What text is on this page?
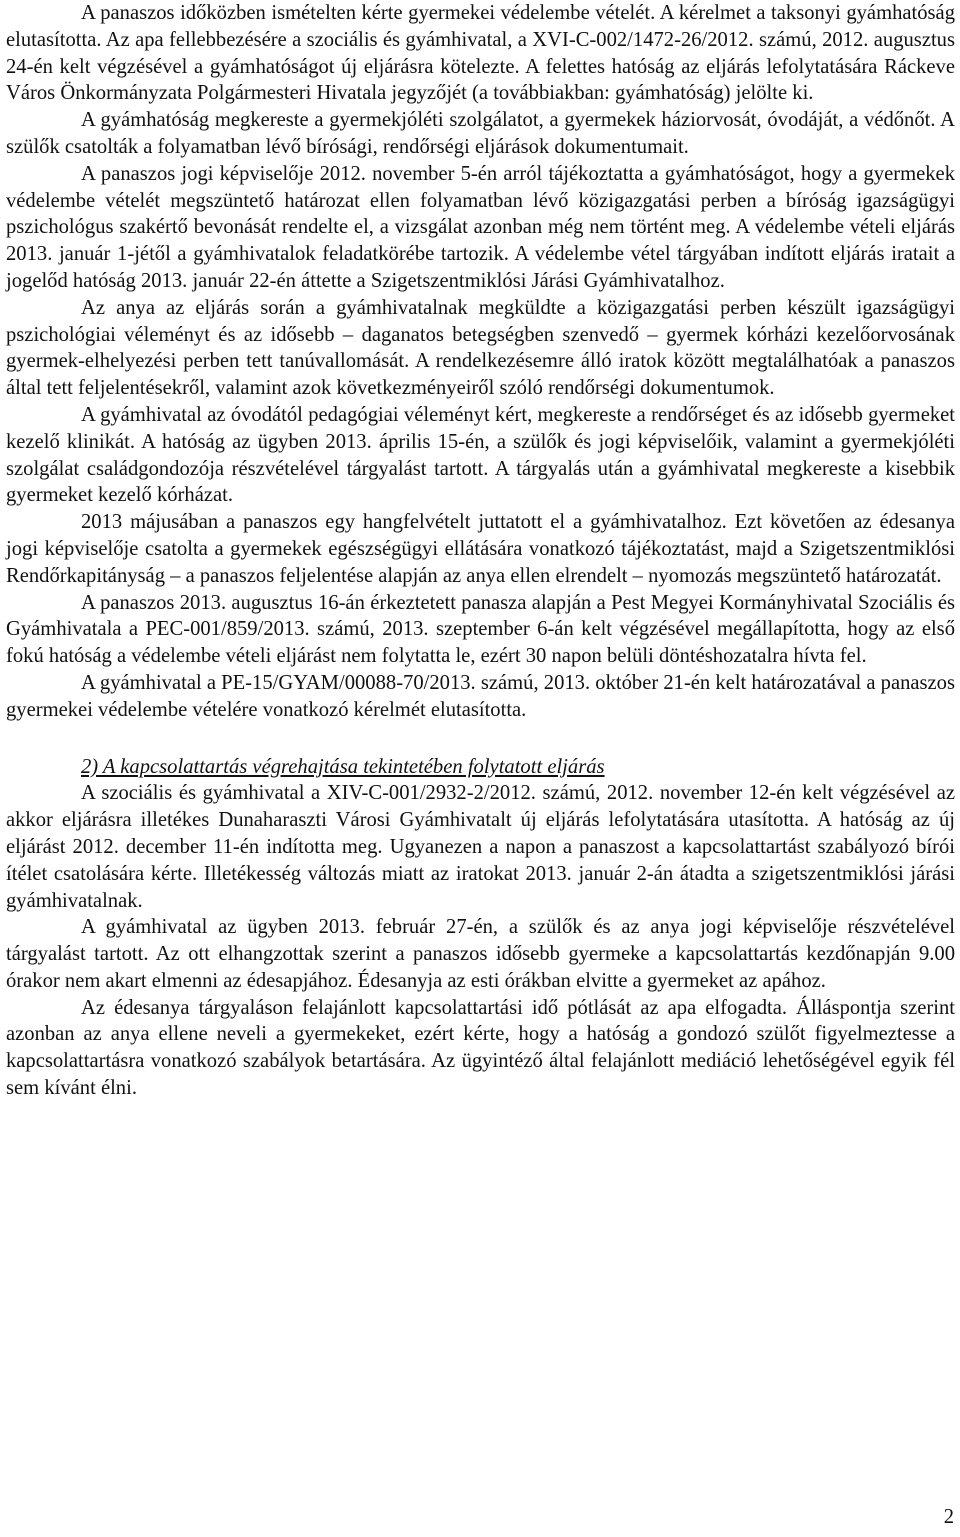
A panaszos időközben ismételten kérte gyermekei védelembe vételét. A kérelmet a taksonyi gyámhatóság elutasította. Az apa fellebbezésére a szociális és gyámhivatal, a XVI-C-002/1472-26/2012. számú, 2012. augusztus 24-én kelt végzésével a gyámhatóságot új eljárásra kötelezte. A felettes hatóság az eljárás lefolytatására Ráckeve Város Önkormányzata Polgármesteri Hivatala jegyzőjét (a továbbiakban: gyámhatóság) jelölte ki.

A gyámhatóság megkereste a gyermekjóléti szolgálatot, a gyermekek háziorvosát, óvodáját, a védőnőt. A szülők csatolták a folyamatban lévő bírósági, rendőrségi eljárások dokumentumait.

A panaszos jogi képviselője 2012. november 5-én arról tájékoztatta a gyámhatóságot, hogy a gyermekek védelembe vételét megszüntető határozat ellen folyamatban lévő közigazgatási perben a bíróság igazságügyi pszichológus szakértő bevonását rendelte el, a vizsgálat azonban még nem történt meg. A védelembe vételi eljárás 2013. január 1-jétől a gyámhivatalok feladatkörébe tartozik. A védelembe vétel tárgyában indított eljárás iratait a jogelőd hatóság 2013. január 22-én áttette a Szigetszentmiklósi Járási Gyámhivatalhoz.

Az anya az eljárás során a gyámhivatalnak megküldte a közigazgatási perben készült igazságügyi pszichológiai véleményt és az idősebb – daganatos betegségben szenvedő – gyermek kórházi kezelőorvosának gyermek-elhelyezési perben tett tanúvallomását. A rendelkezésemre álló iratok között megtalálhatóak a panaszos által tett feljelentésekről, valamint azok következményeiről szóló rendőrségi dokumentumok.

A gyámhivatal az óvodától pedagógiai véleményt kért, megkereste a rendőrséget és az idősebb gyermeket kezelő klinikát. A hatóság az ügyben 2013. április 15-én, a szülők és jogi képviselőik, valamint a gyermekjóléti szolgálat családgondozója részvételével tárgyalást tartott. A tárgyalás után a gyámhivatal megkereste a kisebbik gyermeket kezelő kórházat.

2013 májusában a panaszos egy hangfelvételt juttatott el a gyámhivatalhoz. Ezt követően az édesanya jogi képviselője csatolta a gyermekek egészségügyi ellátására vonatkozó tájékoztatást, majd a Szigetszentmiklósi Rendőrkapitányság – a panaszos feljelentése alapján az anya ellen elrendelt – nyomozás megszüntető határozatát.

A panaszos 2013. augusztus 16-án érkeztetett panasza alapján a Pest Megyei Kormányhivatal Szociális és Gyámhivatala a PEC-001/859/2013. számú, 2013. szeptember 6-án kelt végzésével megállapította, hogy az első fokú hatóság a védelembe vételi eljárást nem folytatta le, ezért 30 napon belüli döntéshozatalra hívta fel.

A gyámhivatal a PE-15/GYAM/00088-70/2013. számú, 2013. október 21-én kelt határozatával a panaszos gyermekei védelembe vételére vonatkozó kérelmét elutasította.

2) A kapcsolattartás végrehajtása tekintetében folytatott eljárás

A szociális és gyámhivatal a XIV-C-001/2932-2/2012. számú, 2012. november 12-én kelt végzésével az akkor eljárásra illetékes Dunaharaszti Városi Gyámhivatalt új eljárás lefolytatására utasította. A hatóság az új eljárást 2012. december 11-én indította meg. Ugyanezen a napon a panaszost a kapcsolattartást szabályozó bírói ítélet csatolására kérte. Illetékesség változás miatt az iratokat 2013. január 2-án átadta a szigetszentmiklósi járási gyámhivatalnak.

A gyámhivatal az ügyben 2013. február 27-én, a szülők és az anya jogi képviselője részvételével tárgyalást tartott. Az ott elhangzottak szerint a panaszos idősebb gyermeke a kapcsolattartás kezdőnapján 9.00 órakor nem akart elmenni az édesapjához. Édesanyja az esti órákban elvitte a gyermeket az apához.

Az édesanya tárgyaláson felajánlott kapcsolattartási idő pótlását az apa elfogadta. Álláspontja szerint azonban az anya ellene neveli a gyermekeket, ezért kérte, hogy a hatóság a gondozó szülőt figyelmeztesse a kapcsolattartásra vonatkozó szabályok betartására. Az ügyintéző által felajánlott mediáció lehetőségével egyik fél sem kívánt élni.

2
